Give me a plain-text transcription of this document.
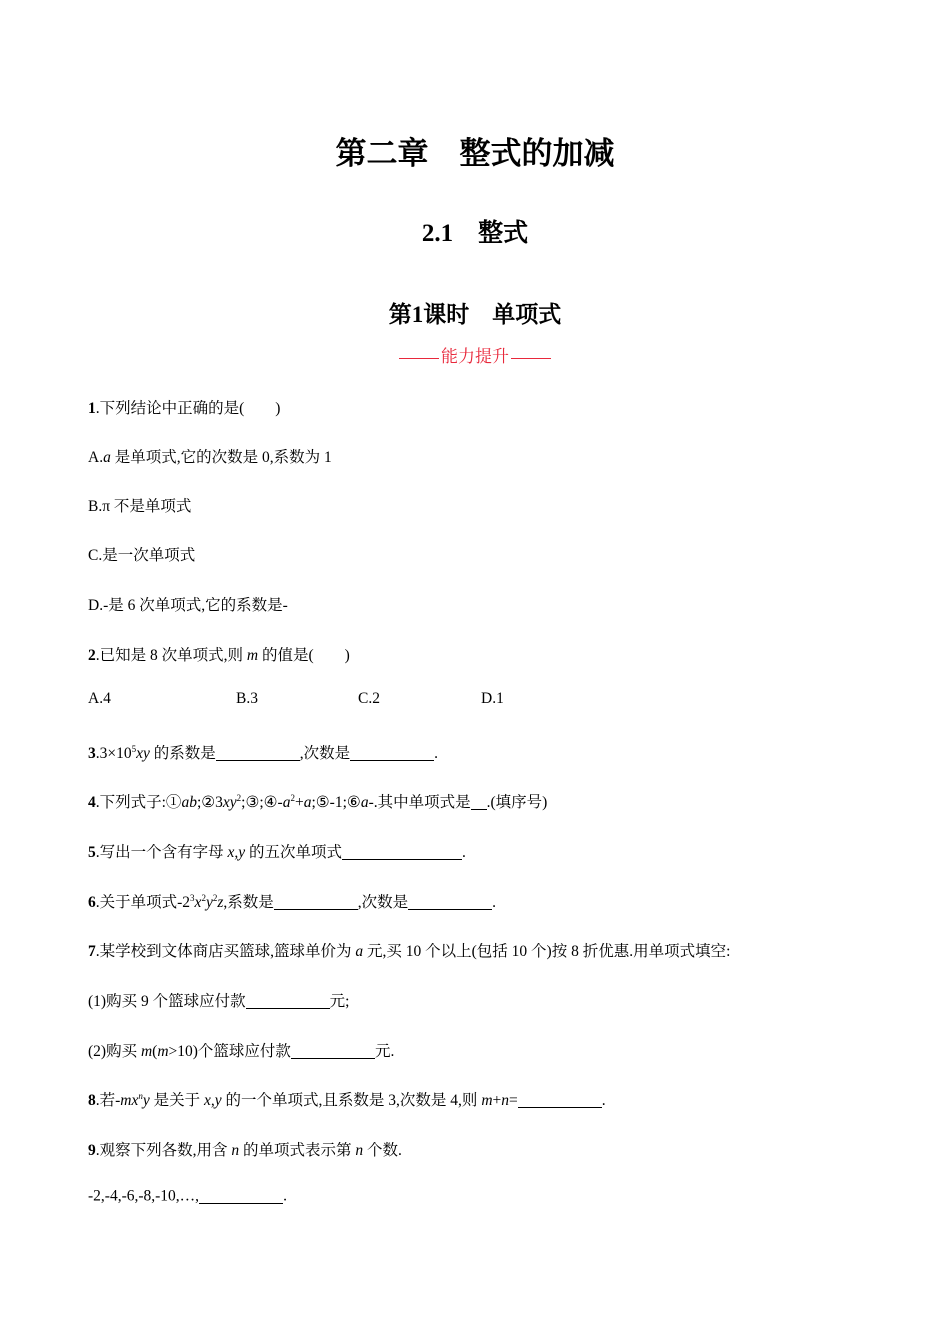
第二章　整式的加减
2.1　整式
第1课时　单项式
能力提升
1.下列结论中正确的是(　　)
A.a 是单项式,它的次数是 0,系数为 1
B.π 不是单项式
C.是一次单项式
D.-是 6 次单项式,它的系数是-
2.已知是 8 次单项式,则 m 的值是(　　)
A.4	B.3	C.2	D.1
$3.3\times 10^5xy$ 的系数是	,次数是	.
4.下列式子$:①ab;②3xy^2;③;④-a^2+a;⑤-1;⑥a-$.其中单项式是 .(填序号)
5.写出一个含有字母 x,y 的五次单项式	.
6.关于单项式$-2^3x^2y^2z$,系数是	,次数是	.
7.某学校到文体商店买篮球,篮球单价为 a 元,买 10 个以上(包括 10 个)按 8 折优惠.用单项式填空:
(1)购买 9 个篮球应付款	元;
(2)购买 m(m>10)个篮球应付款	元.
8.若$-mx^ny$ 是关于 x,y 的一个单项式,且系数是 3,次数是 4,则 m+n=	.
9.观察下列各数,用含 n 的单项式表示第 n 个数.
-2,-4,-6,-8,-10,…,	.
